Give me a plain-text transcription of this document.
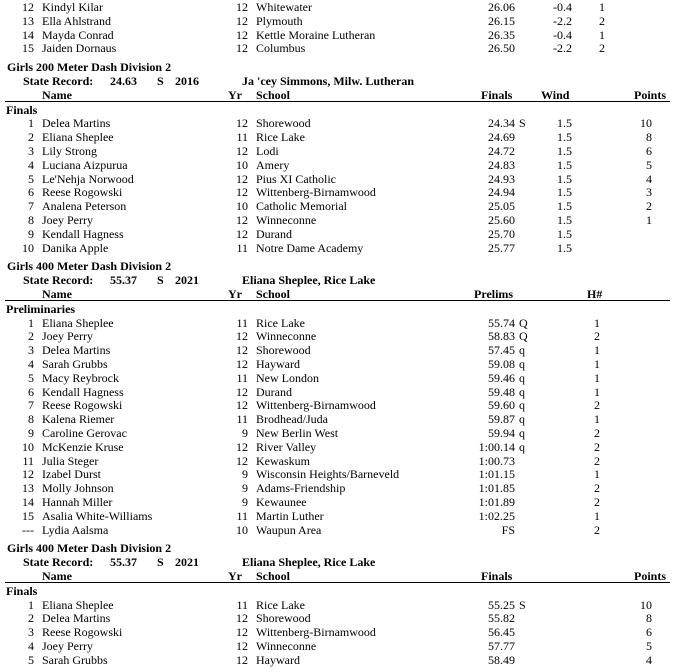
12 Kindyl Kilar	12 Whitewater	26.06	-0.4	1
13 Ella Ahlstrand	12 Plymouth	26.15	-2.2	2
14 Mayda Conrad	12 Kettle Moraine Lutheran	26.35	-0.4	1
15 Jaiden Dornaus	12 Columbus	26.50	-2.2	2
Girls 200 Meter Dash Division 2
State Record: 24.63 S 2016	Ja 'cey Simmons, Milw. Lutheran
Name	Yr School	Finals Wind	Points
Finals
1 Delea Martins	12 Shorewood	24.34 S	1.5	10
2 Eliana Sheplee	11 Rice Lake	24.69	1.5	8
3 Lily Strong	12 Lodi	24.72	1.5	6
4 Luciana Aizpurua	10 Amery	24.83	1.5	5
5 Le'Nehja Norwood	12 Pius XI Catholic	24.93	1.5	4
6 Reese Rogowski	12 Wittenberg-Birnamwood	24.94	1.5	3
7 Analena Peterson	10 Catholic Memorial	25.05	1.5	2
8 Joey Perry	12 Winneconne	25.60	1.5	1
9 Kendall Hagness	12 Durand	25.70	1.5
10 Danika Apple	11 Notre Dame Academy	25.77	1.5
Girls 400 Meter Dash Division 2
State Record: 55.37 S 2021	Eliana Sheplee, Rice Lake
Name	Yr School	Prelims	H#
Preliminaries
1 Eliana Sheplee	11 Rice Lake	55.74 Q	1
2 Joey Perry	12 Winneconne	58.83 Q	2
3 Delea Martins	12 Shorewood	57.45 q	1
4 Sarah Grubbs	12 Hayward	59.08 q	1
5 Macy Reybrock	11 New London	59.46 q	1
6 Kendall Hagness	12 Durand	59.48 q	1
7 Reese Rogowski	12 Wittenberg-Birnamwood	59.60 q	2
8 Kalena Riemer	11 Brodhead/Juda	59.87 q	1
9 Caroline Gerovac	9 New Berlin West	59.94 q	2
10 McKenzie Kruse	12 River Valley	1:00.14 q	2
11 Julia Steger	12 Kewaskum	1:00.73	2
12 Izabel Durst	9 Wisconsin Heights/Barneveld	1:01.15	1
13 Molly Johnson	9 Adams-Friendship	1:01.85	2
14 Hannah Miller	9 Kewaunee	1:01.89	2
15 Asalia White-Williams	11 Martin Luther	1:02.25	1
--- Lydia Aalsma	10 Waupun Area	FS	2
Girls 400 Meter Dash Division 2
State Record: 55.37 S 2021	Eliana Sheplee, Rice Lake
Name	Yr School	Finals	Points
Finals
1 Eliana Sheplee	11 Rice Lake	55.25 S	10
2 Delea Martins	12 Shorewood	55.82	8
3 Reese Rogowski	12 Wittenberg-Birnamwood	56.45	6
4 Joey Perry	12 Winneconne	57.77	5
5 Sarah Grubbs	12 Hayward	58.49	4
